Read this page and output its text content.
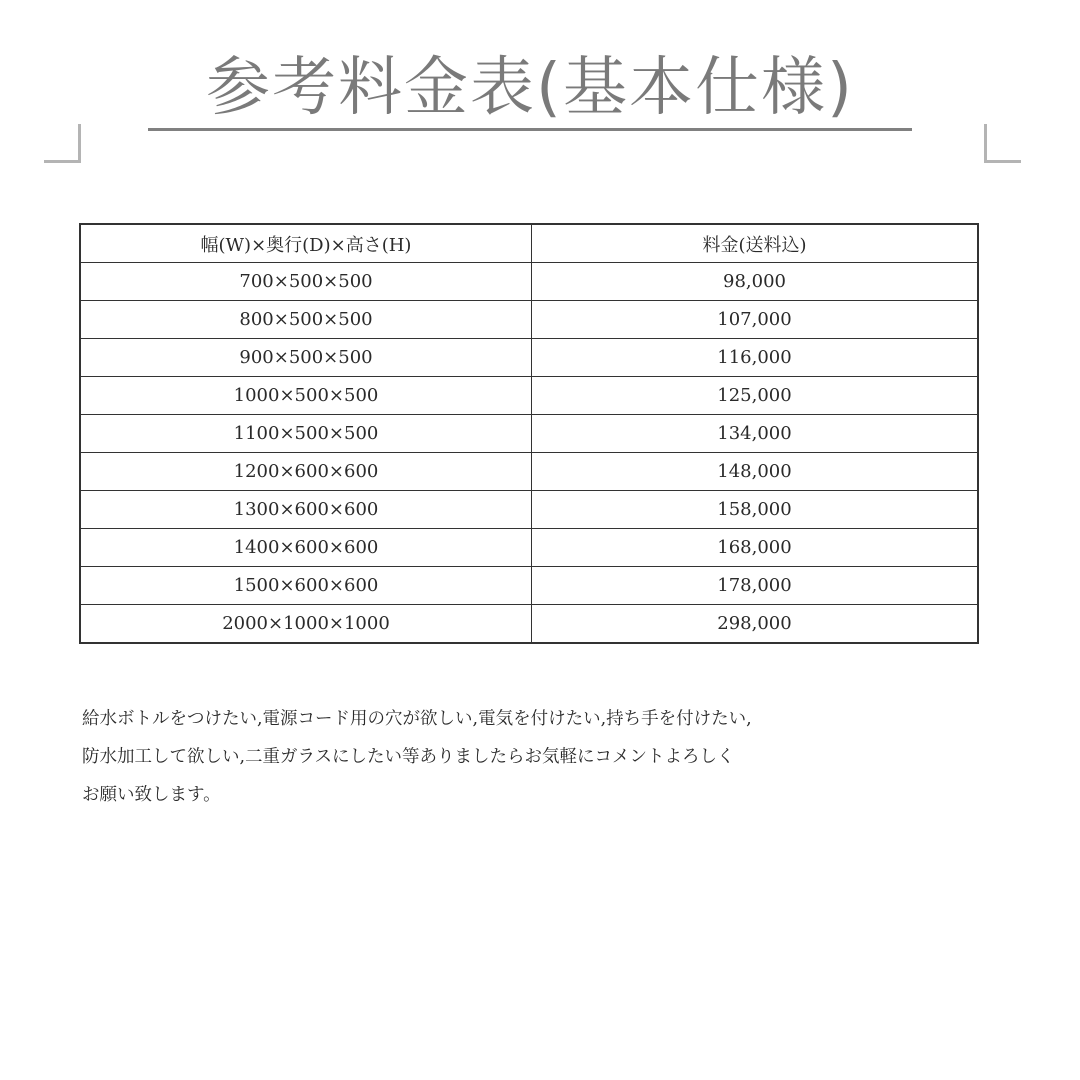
参考料金表(基本仕様)
幅(W)×奥行(D)×高さ(H)	料金(送料込)
700×500×500	98,000
800×500×500	107,000
900×500×500	116,000
1000×500×500	125,000
1100×500×500	134,000
1200×600×600	148,000
1300×600×600	158,000
1400×600×600	168,000
1500×600×600	178,000
2000×1000×1000	298,000

給水ボトルをつけたい,電源コード用の穴が欲しい,電気を付けたい,持ち手を付けたい,

防水加工して欲しい,二重ガラスにしたい等ありましたらお気軽にコメントよろしく

お願い致します。
